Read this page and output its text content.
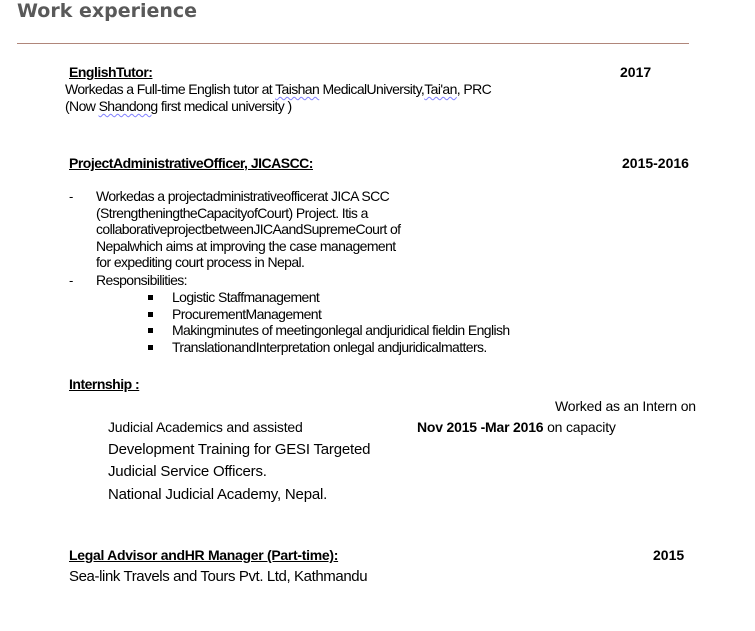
Work experience
EnglishTutor:	2017
Workedas a Full-time English tutor at Taishan MedicalUniversity,Tai'an, PRC
(Now Shandong first medical university )
ProjectAdministrativeOfficer, JICASCC:	2015-2016
- Workedas a projectadministrativeofficerat JICA SCC
(StrengtheningtheCapacityofCourt) Project. Itis a
collaborativeprojectbetweenJICAandSupremeCourt of
Nepalwhich aims at improving the case management
for expediting court process in Nepal.
- Responsibilities:
Logistic Staffmanagement
ProcurementManagement
Makingminutes of meetingonlegal andjuridical fieldin English
TranslationandInterpretation onlegal andjuridicalmatters.
Internship :
Worked as an Intern on
Judicial Academics and assisted	Nov 2015 -Mar 2016 on capacity
Development Training for GESI Targeted
Judicial Service Officers.
National Judicial Academy, Nepal.
Legal Advisor andHR Manager (Part-time):	2015
Sea-link Travels and Tours Pvt. Ltd, Kathmandu
